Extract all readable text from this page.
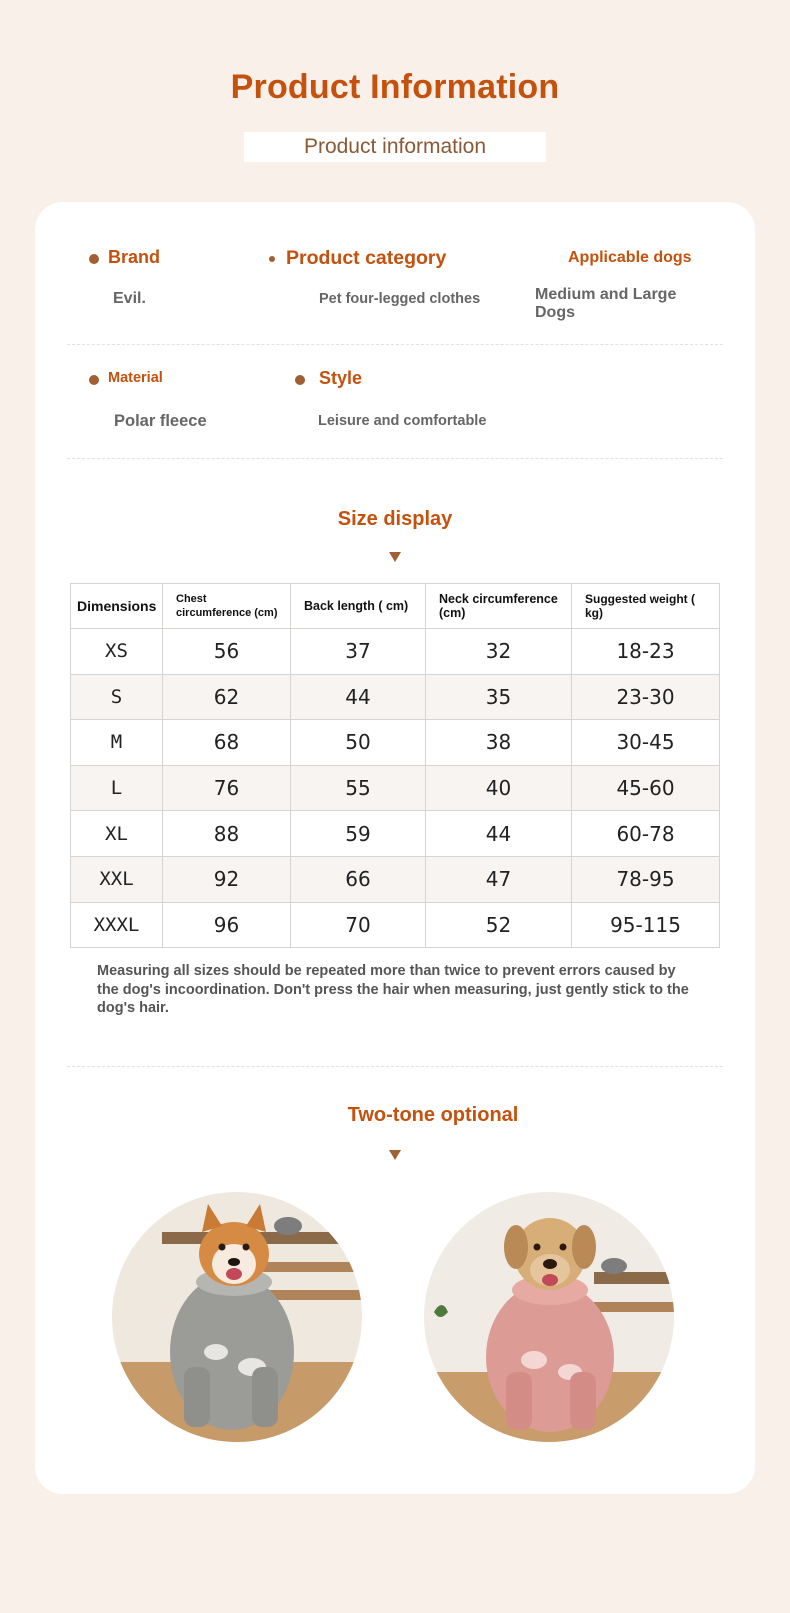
Product Information
Product information
Brand
Evil.
Product category
Pet four-legged clothes
Applicable dogs
Medium and Large Dogs
Material
Polar fleece
Style
Leisure and comfortable
Size display
Dimensions	Chest circumference (cm)	Back length ( cm)	Neck circumference (cm)	Suggested weight ( kg)
XS	56	37	32	18-23
S	62	44	35	23-30
M	68	50	38	30-45
L	76	55	40	45-60
XL	88	59	44	60-78
XXL	92	66	47	78-95
XXXL	96	70	52	95-115
Measuring all sizes should be repeated more than twice to prevent errors caused by the dog's incoordination. Don't press the hair when measuring, just gently stick to the dog's hair.
Two-tone optional
